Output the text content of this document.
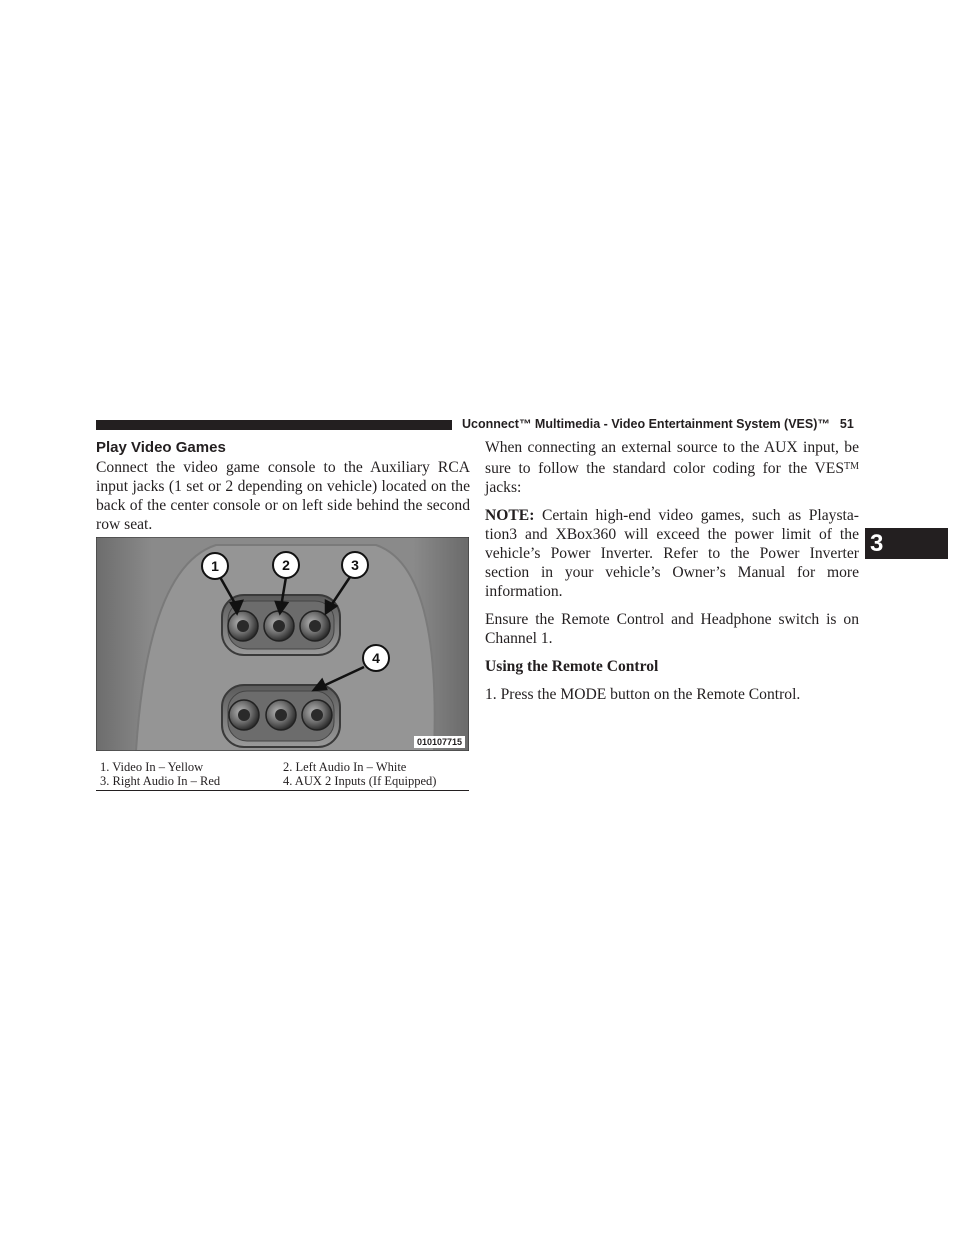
Uconnect™ Multimedia - Video Entertainment System (VES)™ 51
Play Video Games

Connect the video game console to the Auxiliary RCA input jacks (1 set or 2 depending on vehicle) located on the back of the center console or on left side behind the second row seat.

1	2	3
4
010107715
1. Video In – Yellow	2. Left Audio In – White
3. Right Audio In – Red	4. AUX 2 Inputs (If Equipped)

When connecting an external source to the AUX input, be sure to follow the standard color coding for the VES™ jacks:

NOTE: Certain high-end video games, such as Playsta-tion3 and XBox360 will exceed the power limit of the vehicle’s Power Inverter. Refer to the Power Inverter section in your vehicle’s Owner’s Manual for more information.

Ensure the Remote Control and Headphone switch is on Channel 1.

Using the Remote Control

1. Press the MODE button on the Remote Control.

3
